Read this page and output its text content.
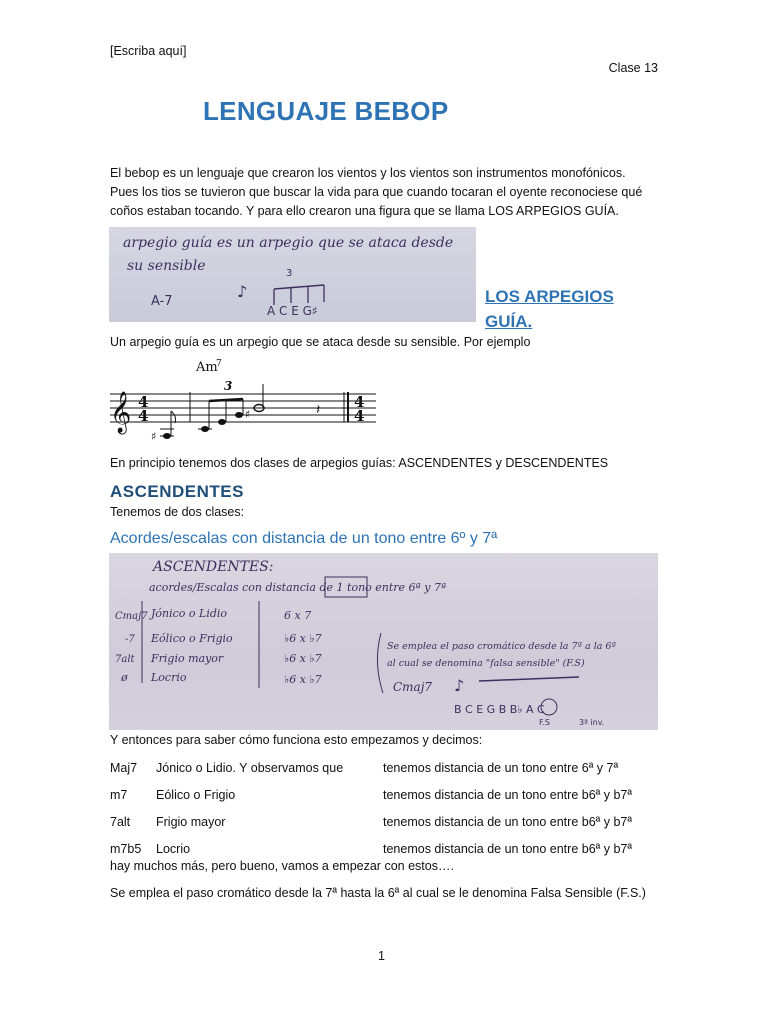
[Escriba aquí]
Clase 13
LENGUAJE BEBOP
El bebop es un lenguaje que crearon los vientos y los vientos son instrumentos monofónicos.
Pues los tios se tuvieron que buscar la vida para que cuando tocaran el oyente reconociese qué
coños estaban tocando. Y para ello crearon una figura que se llama LOS ARPEGIOS GUÍA.
arpegio guía es un arpegio que se ataca desde
su sensible
A-7
3
A C E G♯
♪	LOS ARPEGIOS
GUÍA.
Un arpegio guía es un arpegio que se ataca desde su sensible. Por ejemplo
Am
7
𝄞 4
4
♯
3
♯	𝄽 4
4
En principio tenemos dos clases de arpegios guías: ASCENDENTES y DESCENDENTES
ASCENDENTES
Tenemos de dos clases:
Acordes/escalas con distancia de un tono entre 6º y 7ª
ASCENDENTES:
acordes/Escalas con distancia de 1 tono entre 6ª y 7ª
Cmaj7 Jónico o Lidio	6 x 7
-7 Eólico o Frigio	♭6 x ♭7
7alt Frigio mayor	♭6 x ♭7
ø Locrio	♭6 x ♭7
Se emplea el paso cromático desde la 7ª a la 6ª
al cual se denomina "falsa sensible" (F.S)
Cmaj7 ♪
B C E G B B♭ A C
F.S	3ª inv.
Y entonces para saber cómo funciona esto empezamos y decimos:
Maj7 Jónico o Lidio. Y observamos que	tenemos distancia de un tono entre 6ª y 7ª
m7 Eólico o Frigio	tenemos distancia de un tono entre b6ª y b7ª
7alt Frigio mayor	tenemos distancia de un tono entre b6ª y b7ª
m7b5 Locrio	tenemos distancia de un tono entre b6ª y b7ª
hay muchos más, pero bueno, vamos a empezar con estos….
Se emplea el paso cromático desde la 7ª hasta la 6ª al cual se le denomina Falsa Sensible (F.S.)
1
